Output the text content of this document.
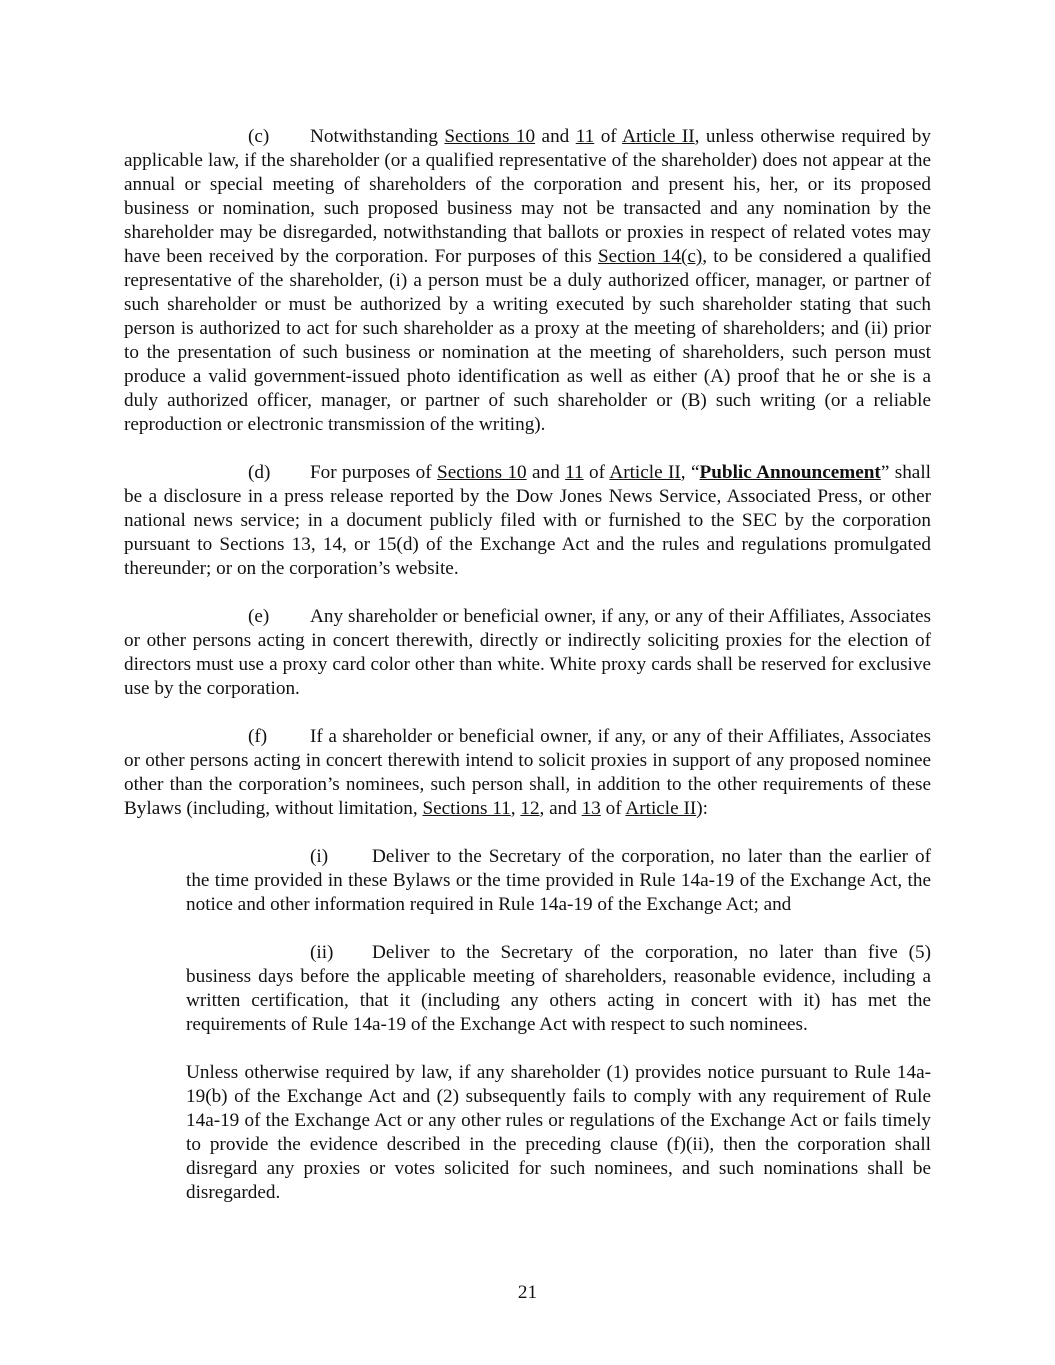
(c) Notwithstanding Sections 10 and 11 of Article II, unless otherwise required by applicable law, if the shareholder (or a qualified representative of the shareholder) does not appear at the annual or special meeting of shareholders of the corporation and present his, her, or its proposed business or nomination, such proposed business may not be transacted and any nomination by the shareholder may be disregarded, notwithstanding that ballots or proxies in respect of related votes may have been received by the corporation. For purposes of this Section 14(c), to be considered a qualified representative of the shareholder, (i) a person must be a duly authorized officer, manager, or partner of such shareholder or must be authorized by a writing executed by such shareholder stating that such person is authorized to act for such shareholder as a proxy at the meeting of shareholders; and (ii) prior to the presentation of such business or nomination at the meeting of shareholders, such person must produce a valid government-issued photo identification as well as either (A) proof that he or she is a duly authorized officer, manager, or partner of such shareholder or (B) such writing (or a reliable reproduction or electronic transmission of the writing).

(d) For purposes of Sections 10 and 11 of Article II, “Public Announcement” shall be a disclosure in a press release reported by the Dow Jones News Service, Associated Press, or other national news service; in a document publicly filed with or furnished to the SEC by the corporation pursuant to Sections 13, 14, or 15(d) of the Exchange Act and the rules and regulations promulgated thereunder; or on the corporation’s website.

(e) Any shareholder or beneficial owner, if any, or any of their Affiliates, Associates or other persons acting in concert therewith, directly or indirectly soliciting proxies for the election of directors must use a proxy card color other than white. White proxy cards shall be reserved for exclusive use by the corporation.

(f) If a shareholder or beneficial owner, if any, or any of their Affiliates, Associates or other persons acting in concert therewith intend to solicit proxies in support of any proposed nominee other than the corporation’s nominees, such person shall, in addition to the other requirements of these Bylaws (including, without limitation, Sections 11, 12, and 13 of Article II):

(i) Deliver to the Secretary of the corporation, no later than the earlier of the time provided in these Bylaws or the time provided in Rule 14a-19 of the Exchange Act, the notice and other information required in Rule 14a-19 of the Exchange Act; and

(ii) Deliver to the Secretary of the corporation, no later than five (5) business days before the applicable meeting of shareholders, reasonable evidence, including a written certification, that it (including any others acting in concert with it) has met the requirements of Rule 14a-19 of the Exchange Act with respect to such nominees.

Unless otherwise required by law, if any shareholder (1) provides notice pursuant to Rule 14a-19(b) of the Exchange Act and (2) subsequently fails to comply with any requirement of Rule 14a-19 of the Exchange Act or any other rules or regulations of the Exchange Act or fails timely to provide the evidence described in the preceding clause (f)(ii), then the corporation shall disregard any proxies or votes solicited for such nominees, and such nominations shall be disregarded.

21
